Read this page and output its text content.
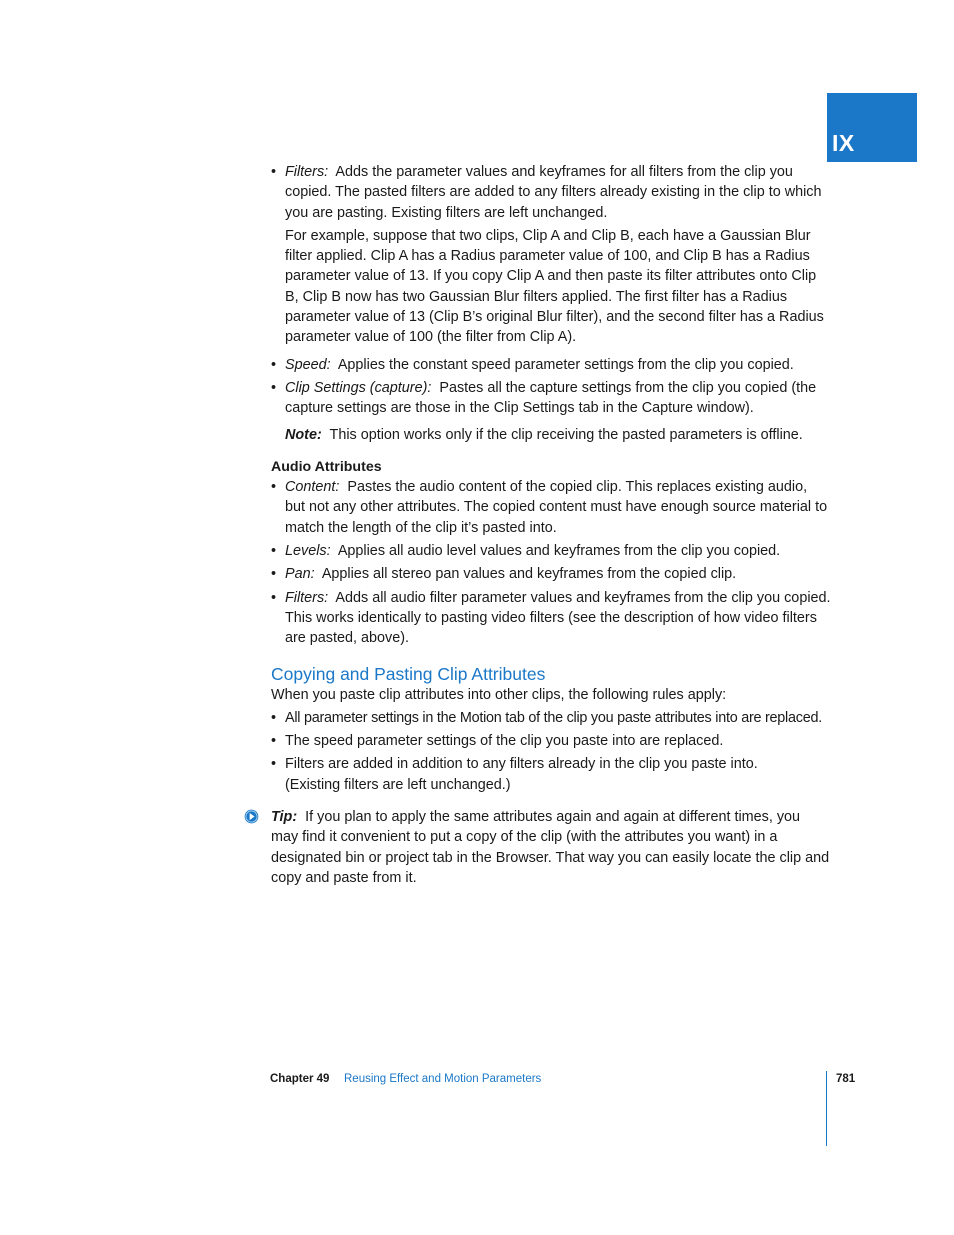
IX
• Filters: Adds the parameter values and keyframes for all filters from the clip you copied. The pasted filters are added to any filters already existing in the clip to which you are pasting. Existing filters are left unchanged.
For example, suppose that two clips, Clip A and Clip B, each have a Gaussian Blur filter applied. Clip A has a Radius parameter value of 100, and Clip B has a Radius parameter value of 13. If you copy Clip A and then paste its filter attributes onto Clip B, Clip B now has two Gaussian Blur filters applied. The first filter has a Radius parameter value of 13 (Clip B’s original Blur filter), and the second filter has a Radius parameter value of 100 (the filter from Clip A).
• Speed: Applies the constant speed parameter settings from the clip you copied.
• Clip Settings (capture): Pastes all the capture settings from the clip you copied (the capture settings are those in the Clip Settings tab in the Capture window).
Note: This option works only if the clip receiving the pasted parameters is offline.
Audio Attributes
• Content: Pastes the audio content of the copied clip. This replaces existing audio, but not any other attributes. The copied content must have enough source material to match the length of the clip it’s pasted into.
• Levels: Applies all audio level values and keyframes from the clip you copied.
• Pan: Applies all stereo pan values and keyframes from the copied clip.
• Filters: Adds all audio filter parameter values and keyframes from the clip you copied. This works identically to pasting video filters (see the description of how video filters are pasted, above).
Copying and Pasting Clip Attributes
When you paste clip attributes into other clips, the following rules apply:
• All parameter settings in the Motion tab of the clip you paste attributes into are replaced.
• The speed parameter settings of the clip you paste into are replaced.
• Filters are added in addition to any filters already in the clip you paste into. (Existing filters are left unchanged.)
Tip: If you plan to apply the same attributes again and again at different times, you may find it convenient to put a copy of the clip (with the attributes you want) in a designated bin or project tab in the Browser. That way you can easily locate the clip and copy and paste from it.
Chapter 49 Reusing Effect and Motion Parameters	781
